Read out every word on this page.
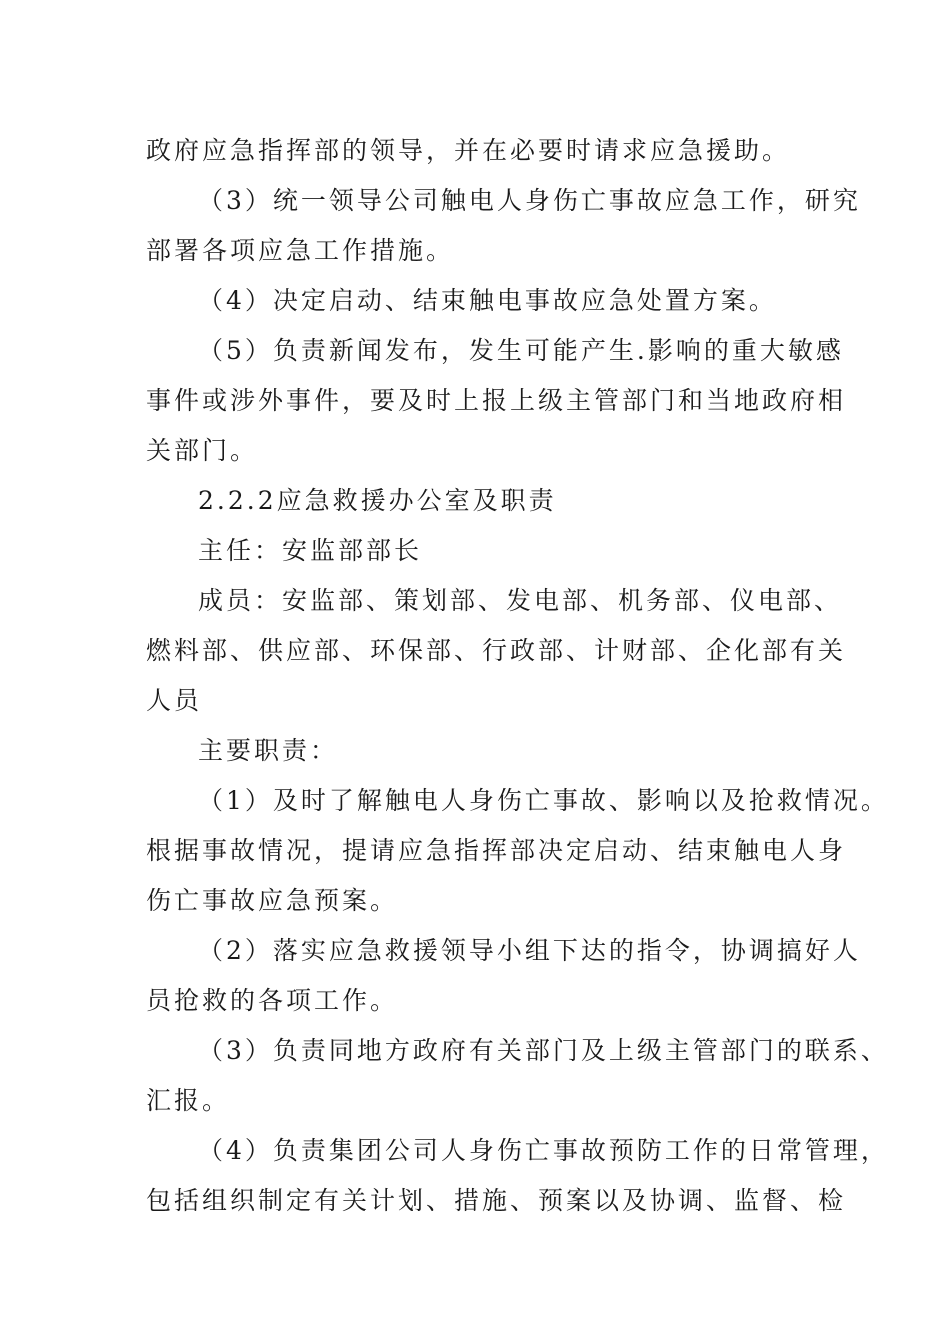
政府应急指挥部的领导，并在必要时请求应急援助。
（3）统一领导公司触电人身伤亡事故应急工作，研究
部署各项应急工作措施。
（4）决定启动、结束触电事故应急处置方案。
（5）负责新闻发布，发生可能产生.影响的重大敏感
事件或涉外事件，要及时上报上级主管部门和当地政府相
关部门。
2.2.2应急救援办公室及职责
主任：安监部部长
成员：安监部、策划部、发电部、机务部、仪电部、
燃料部、供应部、环保部、行政部、计财部、企化部有关
人员
主要职责：
（1）及时了解触电人身伤亡事故、影响以及抢救情况。
根据事故情况，提请应急指挥部决定启动、结束触电人身
伤亡事故应急预案。
（2）落实应急救援领导小组下达的指令，协调搞好人
员抢救的各项工作。
（3）负责同地方政府有关部门及上级主管部门的联系、
汇报。
（4）负责集团公司人身伤亡事故预防工作的日常管理，
包括组织制定有关计划、措施、预案以及协调、监督、检
